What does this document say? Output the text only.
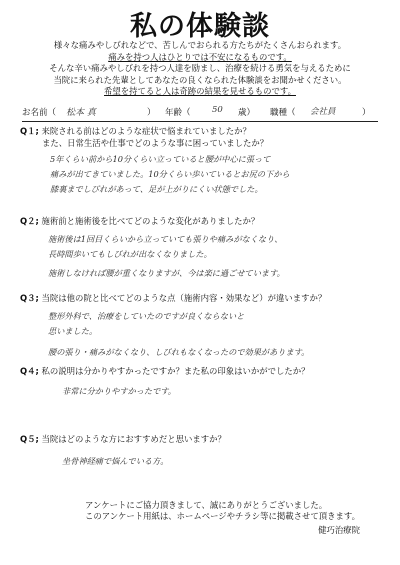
私の体験談
様々な痛みやしびれなどで、苦しんでおられる方たちがたくさんおられます。
痛みを持つ人はひとりでは不安になるものです。
そんな辛い痛みやしびれを持つ人達を励まし、治療を続ける勇気を与えるために
当院に来られた先輩としてあなたの良くなられた体験談をお聞かせください。
希望を持てると人は奇跡の結果を見せるものです。
お名前（ 松本 真	） 年齢（	50 歳） 職種（ 会社員	）
Q１; 来院される前はどのような症状で悩まれていましたか？
また、日常生活や仕事でどのような事に困っていましたか？
5年くらい前から10分くらい立っていると腰が中心に張って
痛みが出てきていました。10分くらい歩いているとお尻の下から
膝裏までしびれがあって、足が上がりにくい状態でした。
Q２; 施術前と施術後を比べてどのような変化がありましたか？
施術後は1回目くらいから立っていても張りや痛みがなくなり、
長時間歩いてもしびれが出なくなりました。
施術しなければ腰が重くなりますが、今は楽に過ごせています。
Q３; 当院は他の院と比べてどのような点（施術内容・効果など）が違いますか？
整形外科で、治療をしていたのですが良くならないと
思いました。
腰の張り・痛みがなくなり、しびれもなくなったので効果があります。
Q４; 私の説明は分かりやすかったですか？また私の印象はいかがでしたか？
非常に分かりやすかったです。
Q５; 当院はどのような方におすすめだと思いますか？
坐骨神経痛で悩んでいる方。
アンケートにご協力頂きまして、誠にありがとうございました。
このアンケート用紙は、ホームページやチラシ等に掲載させて頂きます。
健巧治療院
